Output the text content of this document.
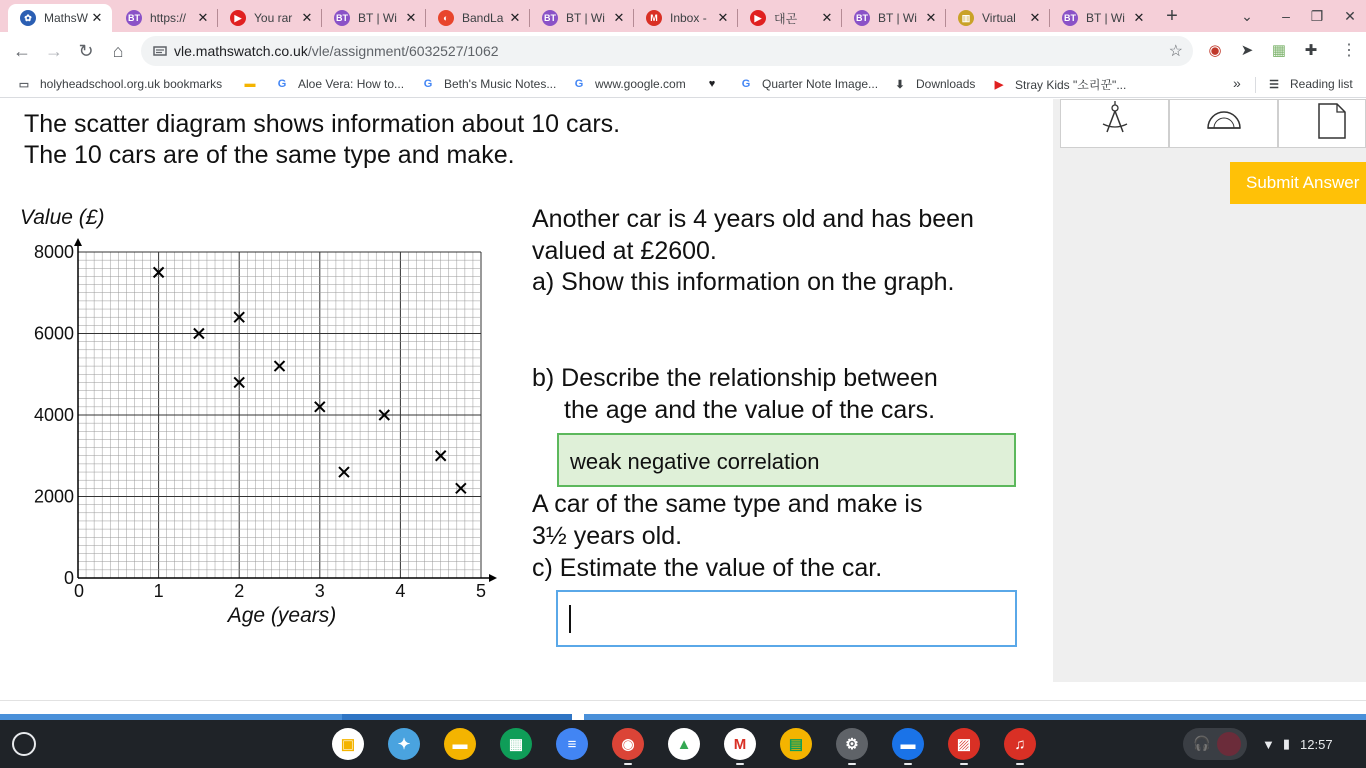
✿	MathsW ✕	BT https:// ✕	▶	You rar ✕	BT BT | Wi ✕	◐	BandLa ✕	BT BT | Wi ✕	M	Inbox - ✕	▶	대곤	✕	BT BT | Wi ✕	▥ Virtual	✕	BT BT | Wi ✕	+	⌄	–	❐	✕
← → ↻	⌂	vle.mathswatch.co.uk/vle/assignment/6032527/1062	☆ ◉ ➤ ▦ ✚ ⋮
»	☰ Reading list
▭ holyheadschool.org.uk bookmarks ▬	G Aloe Vera: How to...	G Beth's Music Notes...	G www.google.com	♥	G Quarter Note Image...	⬇ Downloads	▶ Stray Kids "소리꾼"...
The scatter diagram shows information about 10 cars.
The 10 cars are of the same type and make.
0	1	2	3	4	5
0
2000
4000
6000
8000
Value (£)
Age (years)
Another car is 4 years old and has been
valued at £2600.
a) Show this information on the graph.
b) Describe the relationship between
the age and the value of the cars.
weak negative correlation
A car of the same type and make is
3½ years old.
c) Estimate the value of the car.
Submit Answer
🎧	▼ ▮ 12:57
▣	✦	▬	▦	≡	◉	▲	M	▤	⚙	▬	▨	♫
